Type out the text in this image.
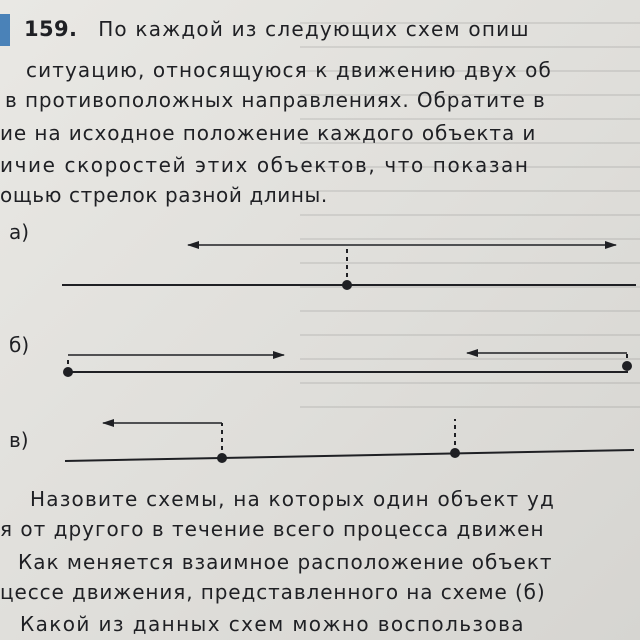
159. По каждой из следующих схем опиш
ситуацию, относящуюся к движению двух об
в противоположных направлениях. Обратите в
ие на исходное положение каждого объекта и
ичие скоростей этих объектов, что показан
ощью стрелок разной длины.
а)
б)
в)
Назовите схемы, на которых один объект уд
я от другого в течение всего процесса движен
Как меняется взаимное расположение объект
цессе движения, представленного на схеме (б)
Какой из данных схем можно воспользова
